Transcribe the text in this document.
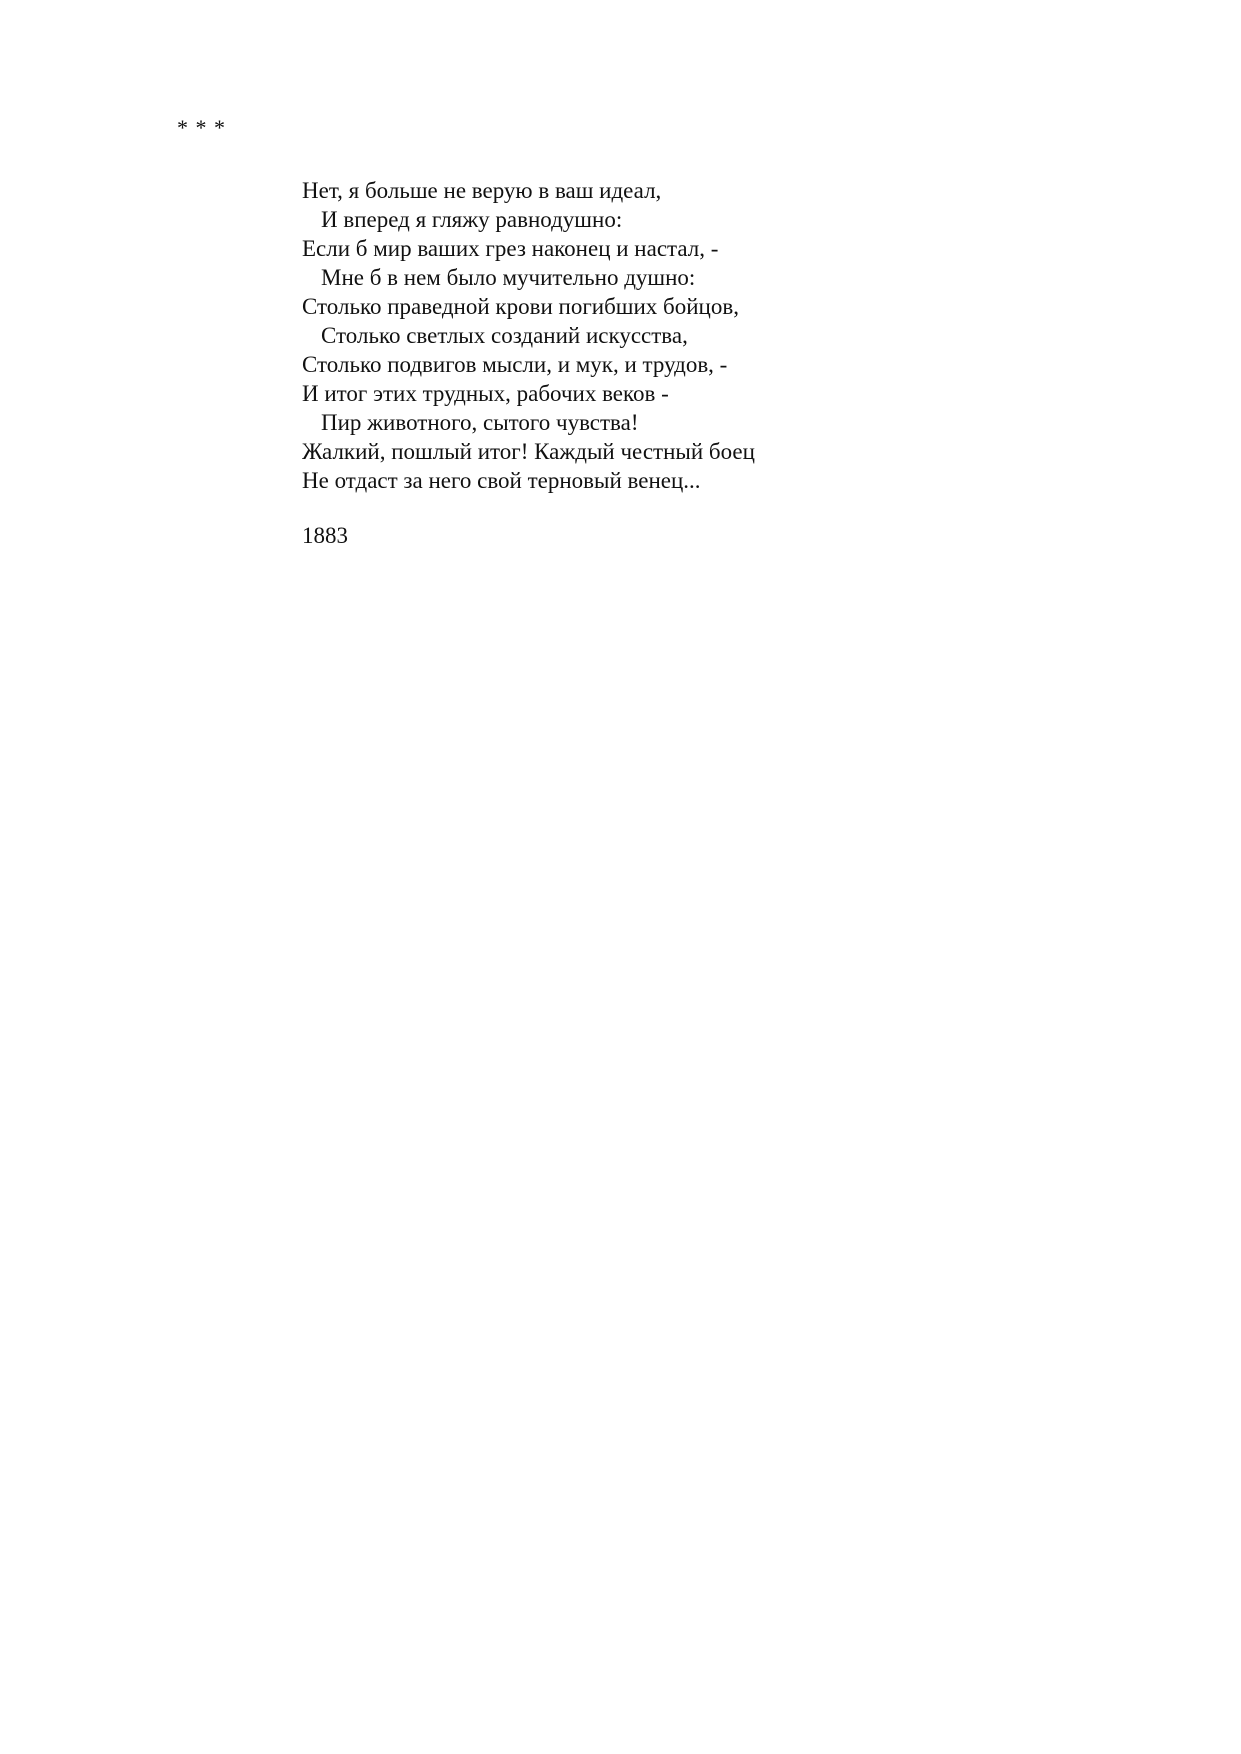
* * *
Нет, я больше не верую в ваш идеал,
И вперед я гляжу равнодушно:
Если б мир ваших грез наконец и настал, -
Мне б в нем было мучительно душно:
Столько праведной крови погибших бойцов,
Столько светлых созданий искусства,
Столько подвигов мысли, и мук, и трудов, -
И итог этих трудных, рабочих веков -
Пир животного, сытого чувства!
Жалкий, пошлый итог! Каждый честный боец
Не отдаст за него свой терновый венец...
1883
